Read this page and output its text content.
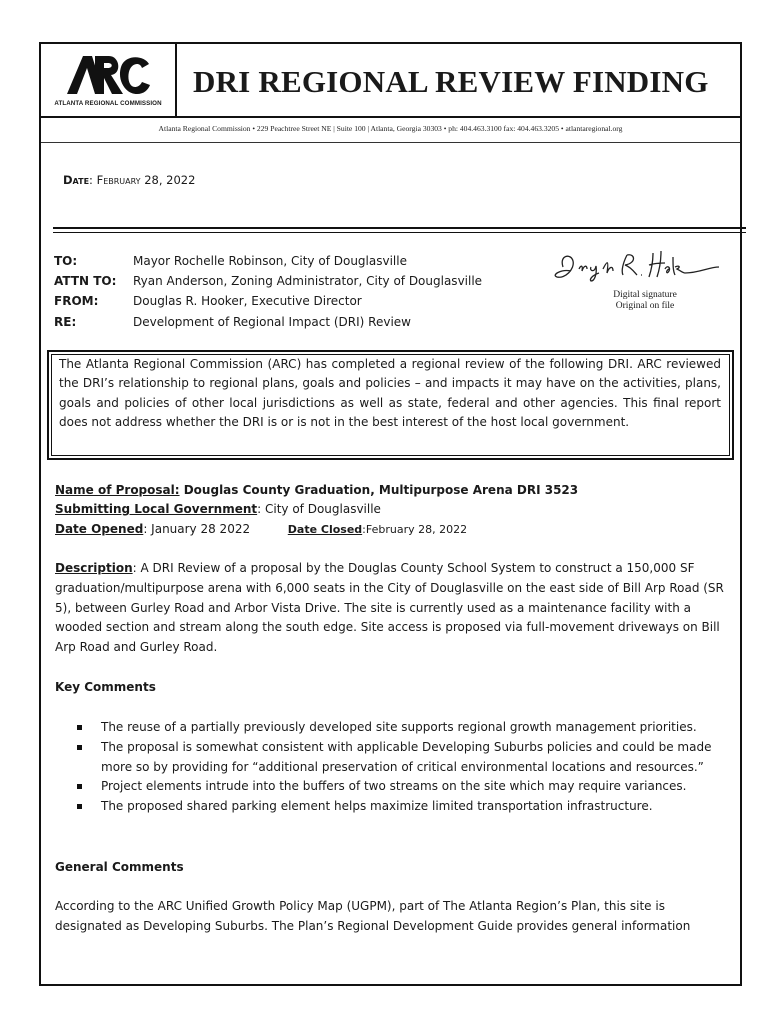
ATLANTA REGIONAL COMMISSION
DRI REGIONAL REVIEW FINDING
Atlanta Regional Commission • 229 Peachtree Street NE | Suite 100 | Atlanta, Georgia 30303 • ph: 404.463.3100 fax: 404.463.3205 • atlantaregional.org
Date: February 28, 2022
TO:	Mayor Rochelle Robinson, City of Douglasville
ATTN TO: Ryan Anderson, Zoning Administrator, City of Douglasville
FROM:	Douglas R. Hooker, Executive Director
RE:	Development of Regional Impact (DRI) Review
Doughr R. Hooker
Digital signature
Original on file
The Atlanta Regional Commission (ARC) has completed a regional review of the following DRI. ARC reviewed the DRI’s relationship to regional plans, goals and policies – and impacts it may have on the activities, plans, goals and policies of other local jurisdictions as well as state, federal and other agencies. This final report does not address whether the DRI is or is not in the best interest of the host local government.
Name of Proposal: Douglas County Graduation, Multipurpose Arena DRI 3523
Submitting Local Government: City of Douglasville
Date Opened: January 28 2022	Date Closed:February 28, 2022
Description: A DRI Review of a proposal by the Douglas County School System to construct a 150,000 SF graduation/multipurpose arena with 6,000 seats in the City of Douglasville on the east side of Bill Arp Road (SR 5), between Gurley Road and Arbor Vista Drive. The site is currently used as a maintenance facility with a wooded section and stream along the south edge. Site access is proposed via full-movement driveways on Bill Arp Road and Gurley Road.
Key Comments
The reuse of a partially previously developed site supports regional growth management priorities.
The proposal is somewhat consistent with applicable Developing Suburbs policies and could be made more so by providing for “additional preservation of critical environmental locations and resources.”
Project elements intrude into the buffers of two streams on the site which may require variances.
The proposed shared parking element helps maximize limited transportation infrastructure.
General Comments
According to the ARC Unified Growth Policy Map (UGPM), part of The Atlanta Region’s Plan, this site is designated as Developing Suburbs. The Plan’s Regional Development Guide provides general information
